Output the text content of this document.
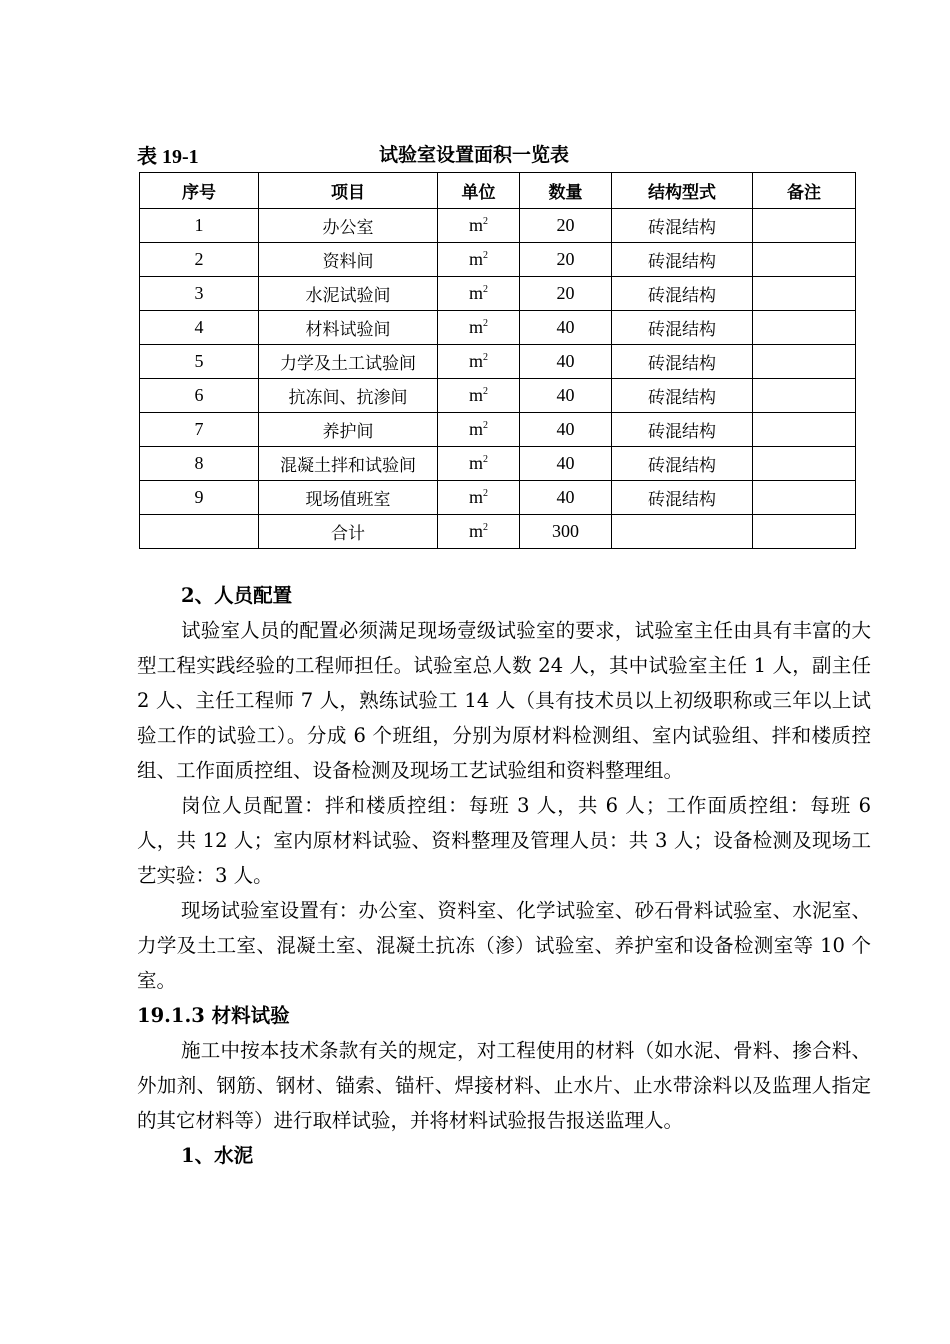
表 19-1	试验室设置面积一览表
序号	项目	单位	数量	结构型式	备注
1	办公室	$m^2$	20	砖混结构	
2	资料间	$m^2$	20	砖混结构	
3	水泥试验间	$m^2$	20	砖混结构	
4	材料试验间	$m^2$	40	砖混结构	
5	力学及土工试验间	$m^2$	40	砖混结构	
6	抗冻间、抗渗间	$m^2$	40	砖混结构	
7	养护间	$m^2$	40	砖混结构	
8	混凝土拌和试验间	$m^2$	40	砖混结构	
9	现场值班室	$m^2$	40	砖混结构	
	合计	$m^2$	300		

2、人员配置

试验室人员的配置必须满足现场壹级试验室的要求，试验室主任由具有丰富的大型工程实践经验的工程师担任。试验室总人数 24 人，其中试验室主任 1 人，副主任 2 人、主任工程师 7 人，熟练试验工 14 人（具有技术员以上初级职称或三年以上试验工作的试验工）。分成 6 个班组，分别为原材料检测组、室内试验组、拌和楼质控组、工作面质控组、设备检测及现场工艺试验组和资料整理组。

岗位人员配置：拌和楼质控组：每班 3 人，共 6 人；工作面质控组：每班 6 人，共 12 人；室内原材料试验、资料整理及管理人员：共 3 人；设备检测及现场工艺实验：3 人。

现场试验室设置有：办公室、资料室、化学试验室、砂石骨料试验室、水泥室、力学及土工室、混凝土室、混凝土抗冻（渗）试验室、养护室和设备检测室等 10 个室。

19.1.3 材料试验

施工中按本技术条款有关的规定，对工程使用的材料（如水泥、骨料、掺合料、外加剂、钢筋、钢材、锚索、锚杆、焊接材料、止水片、止水带涂料以及监理人指定的其它材料等）进行取样试验，并将材料试验报告报送监理人。

1、水泥
